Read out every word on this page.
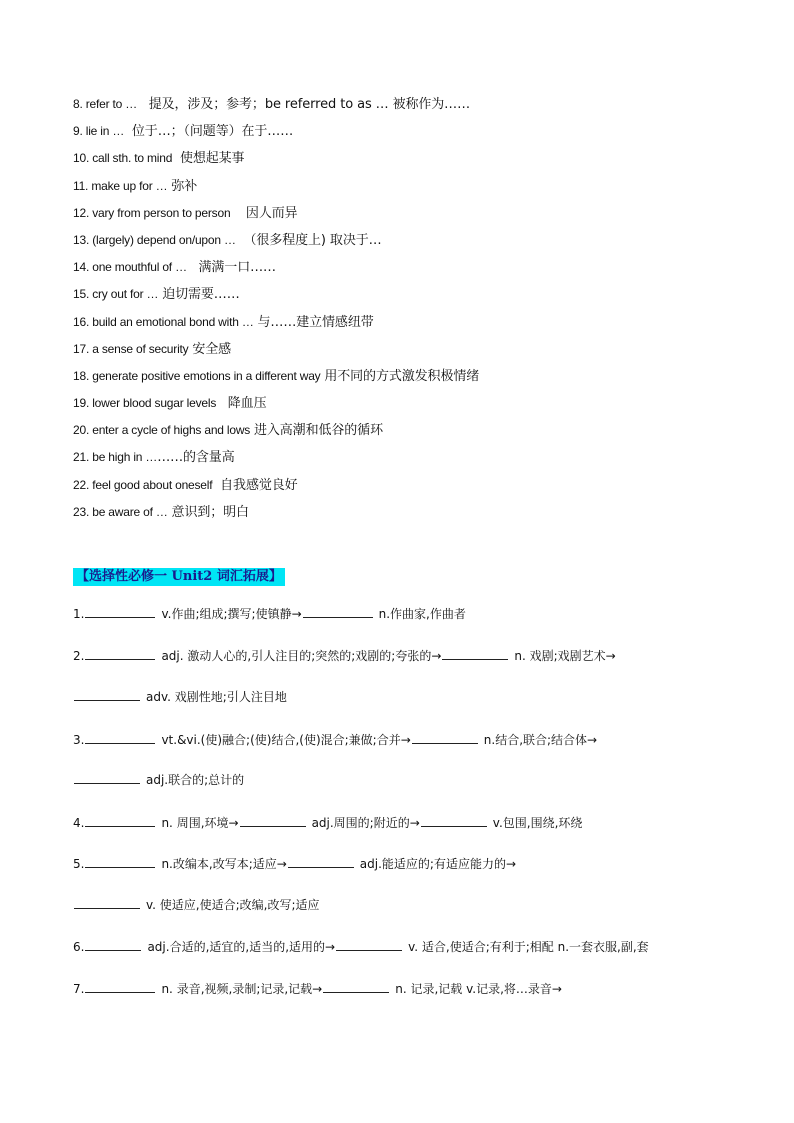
8. refer to … 提及，涉及；参考；be referred to as … 被称作为……
9. lie in … 位于…；（问题等）在于……
10. call sth. to mind 使想起某事
11. make up for … 弥补
12. vary from person to person 因人而异
13. (largely) depend on/upon … （很多程度上) 取决于…
14. one mouthful of … 满满一口……
15. cry out for … 迫切需要……
16. build an emotional bond with … 与……建立情感纽带
17. a sense of security 安全感
18. generate positive emotions in a different way 用不同的方式激发积极情绪
19. lower blood sugar levels 降血压
20. enter a cycle of highs and lows 进入高潮和低谷的循环
21. be high in ………的含量高
22. feel good about oneself 自我感觉良好
23. be aware of … 意识到；明白
【选择性必修一 Unit2 词汇拓展】
1.	v.作曲;组成;撰写;使镇静→	n.作曲家,作曲者
2.	adj. 激动人心的,引人注目的;突然的;戏剧的;夸张的→	n. 戏剧;戏剧艺术→
adv. 戏剧性地;引人注目地
3.	vt.&vi.(使)融合;(使)结合,(使)混合;兼做;合并→	n.结合,联合;结合体→
adj.联合的;总计的
4.	n. 周围,环境→	adj.周围的;附近的→	v.包围,围绕,环绕
5.	n.改编本,改写本;适应→	adj.能适应的;有适应能力的→
v. 使适应,使适合;改编,改写;适应
6.	adj.合适的,适宜的,适当的,适用的→	v. 适合,使适合;有利于;相配 n.一套衣服,副,套
7.	n. 录音,视频,录制;记录,记载→	n. 记录,记载 v.记录,将…录音→
